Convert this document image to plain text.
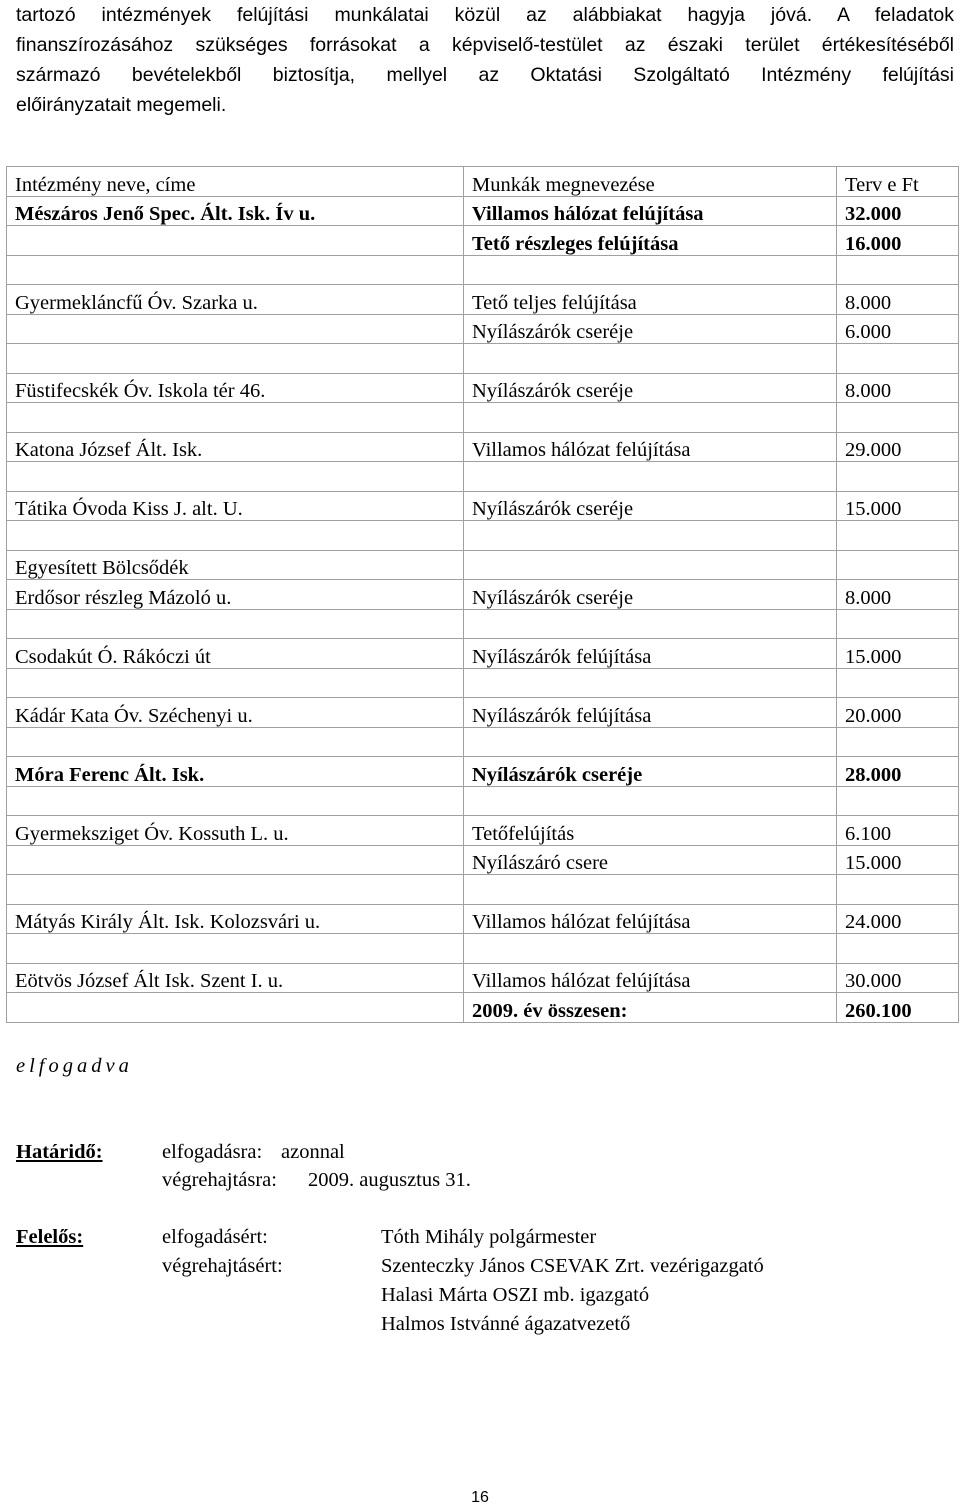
tartozó intézmények felújítási munkálatai közül az alábbiakat hagyja jóvá. A feladatok
finanszírozásához szükséges forrásokat a képviselő-testület az északi terület értékesítéséből
származó bevételekből biztosítja, mellyel az Oktatási Szolgáltató Intézmény felújítási
előirányzatait megemeli.
Intézmény neve, címe	Munkák megnevezése	Terv e Ft
Mészáros Jenő Spec. Ált. Isk. Ív u.	Villamos hálózat felújítása	32.000
	Tető részleges felújítása	16.000

Gyermekláncfű Óv. Szarka u.	Tető teljes felújítása	8.000
	Nyílászárók cseréje	6.000

Füstifecskék Óv. Iskola tér 46.	Nyílászárók cseréje	8.000

Katona József Ált. Isk.	Villamos hálózat felújítása	29.000

Tátika Óvoda Kiss J. alt. U.	Nyílászárók cseréje	15.000

Egyesített Bölcsődék		
Erdősor részleg Mázoló u.	Nyílászárók cseréje	8.000

Csodakút Ó. Rákóczi út	Nyílászárók felújítása	15.000

Kádár Kata Óv. Széchenyi u.	Nyílászárók felújítása	20.000

Móra Ferenc Ált. Isk.	Nyílászárók cseréje	28.000

Gyermeksziget Óv. Kossuth L. u.	Tetőfelújítás	6.100
	Nyílászáró csere	15.000

Mátyás Király Ált. Isk. Kolozsvári u.	Villamos hálózat felújítása	24.000

Eötvös József Ált Isk. Szent I. u.	Villamos hálózat felújítása	30.000
	2009. év összesen:	260.100
elfogadva
Határidő:	elfogadásra: azonnal
végrehajtásra: 2009. augusztus 31.
Felelős:	elfogadásért:	Tóth Mihály polgármester
végrehajtásért:	Szenteczky János CSEVAK Zrt. vezérigazgató
Halasi Márta OSZI mb. igazgató
Halmos Istvánné ágazatvezető
16
